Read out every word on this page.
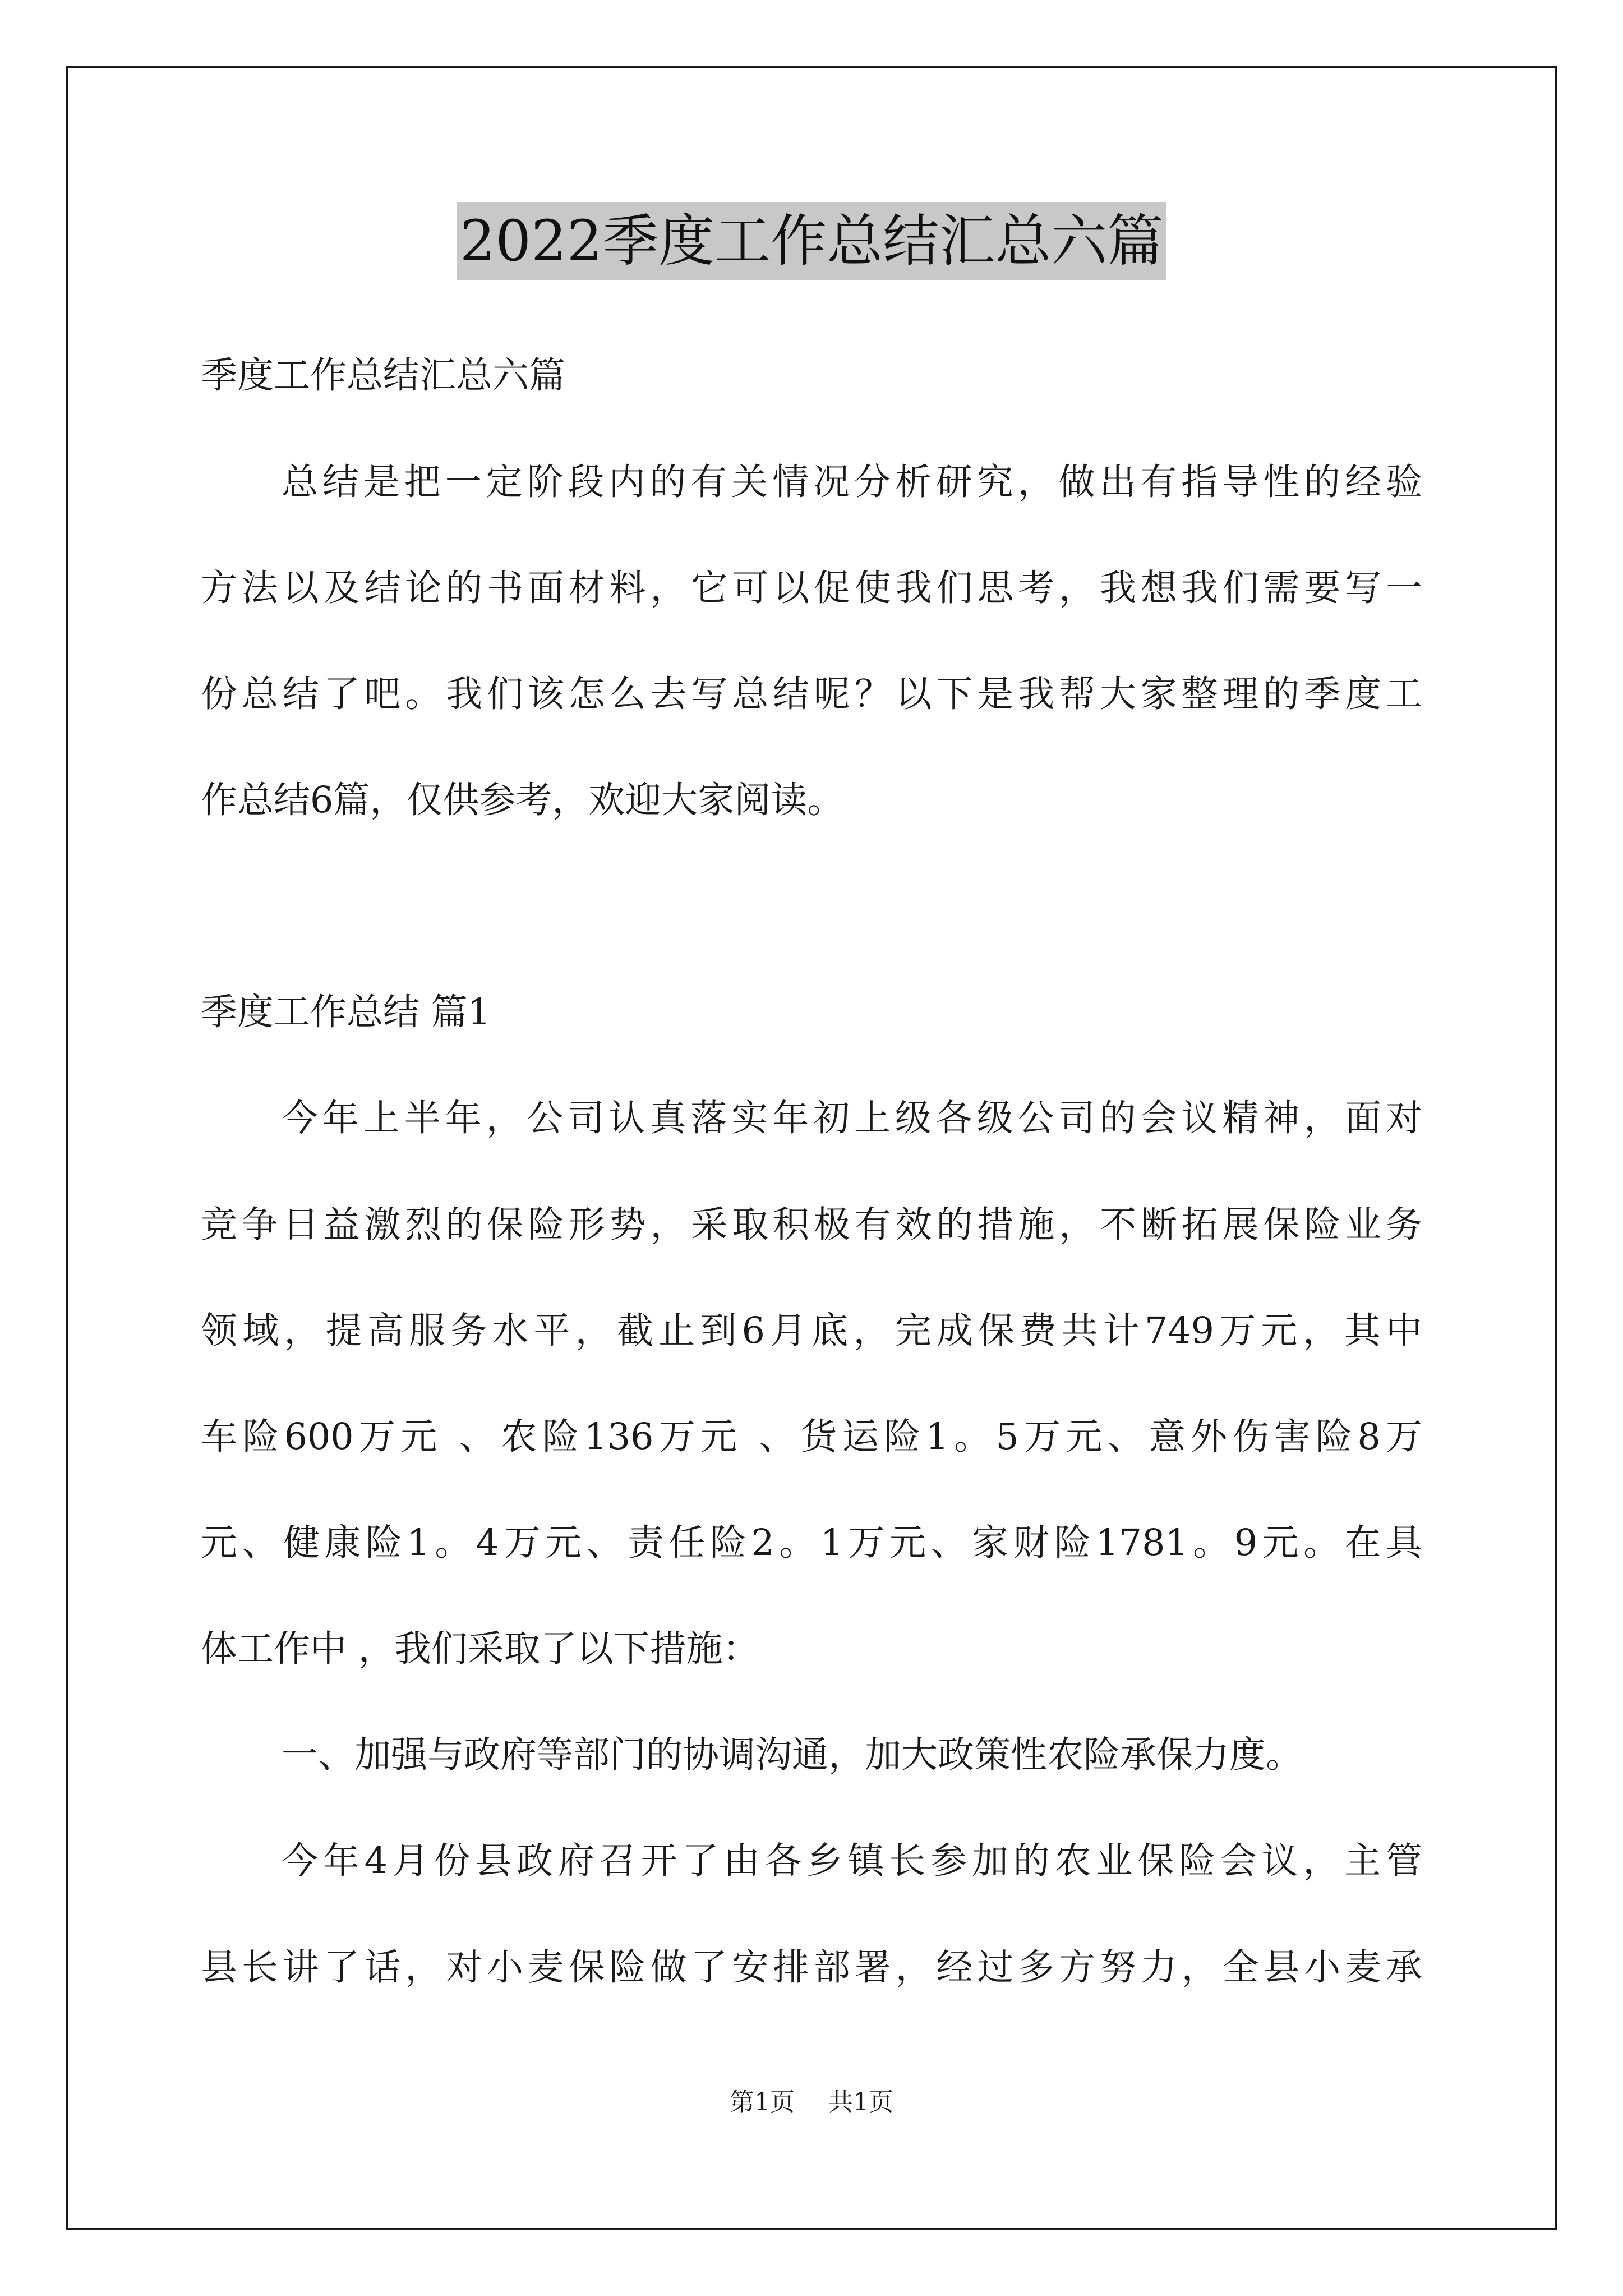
2022季度工作总结汇总六篇

季度工作总结汇总六篇

总结是把一定阶段内的有关情况分析研究，做出有指导性的经验

方法以及结论的书面材料，它可以促使我们思考，我想我们需要写一

份总结了吧。我们该怎么去写总结呢？以下是我帮大家整理的季度工

作总结6篇，仅供参考，欢迎大家阅读。

季度工作总结 篇1

今年上半年，公司认真落实年初上级各级公司的会议精神，面对

竞争日益激烈的保险形势，采取积极有效的措施，不断拓展保险业务

领域，提高服务水平，截止到6月底，完成保费共计749万元，其中

车险600万元 、农险136万元 、货运险1。5万元、意外伤害险8万

元、健康险1。4万元、责任险2。1万元、家财险1781。9元。在具

体工作中 ，我们采取了以下措施：

一、加强与政府等部门的协调沟通，加大政策性农险承保力度。

今年4月份县政府召开了由各乡镇长参加的农业保险会议，主管

县长讲了话，对小麦保险做了安排部署，经过多方努力，全县小麦承

第1页 共1页
